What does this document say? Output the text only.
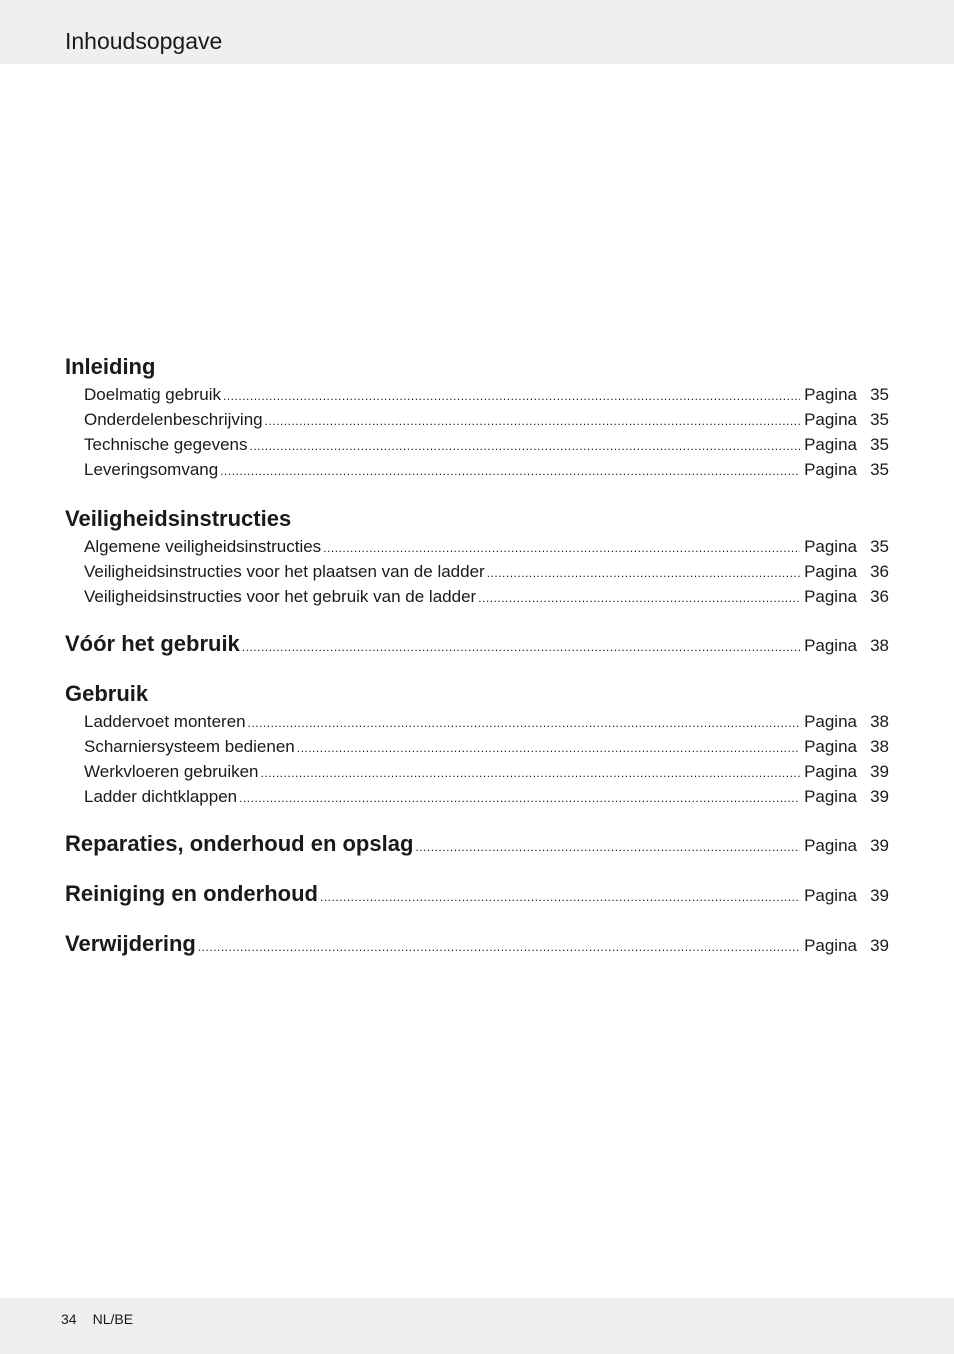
Inhoudsopgave
Inleiding
Doelmatig gebruik .....	Pagina 35
Onderdelenbeschrijving .....	Pagina 35
Technische gegevens .....	Pagina 35
Leveringsomvang .....	Pagina 35
Veiligheidsinstructies
Algemene veiligheidsinstructies .....	Pagina 35
Veiligheidsinstructies voor het plaatsen van de ladder .....	Pagina 36
Veiligheidsinstructies voor het gebruik van de ladder .....	Pagina 36
Vóór het gebruik .....	Pagina 38
Gebruik
Laddervoet monteren .....	Pagina 38
Scharniersysteem bedienen .....	Pagina 38
Werkvloeren gebruiken .....	Pagina 39
Ladder dichtklappen .....	Pagina 39
Reparaties, onderhoud en opslag .....	Pagina 39
Reiniging en onderhoud .....	Pagina 39
Verwijdering .....	Pagina 39
34 NL/BE
